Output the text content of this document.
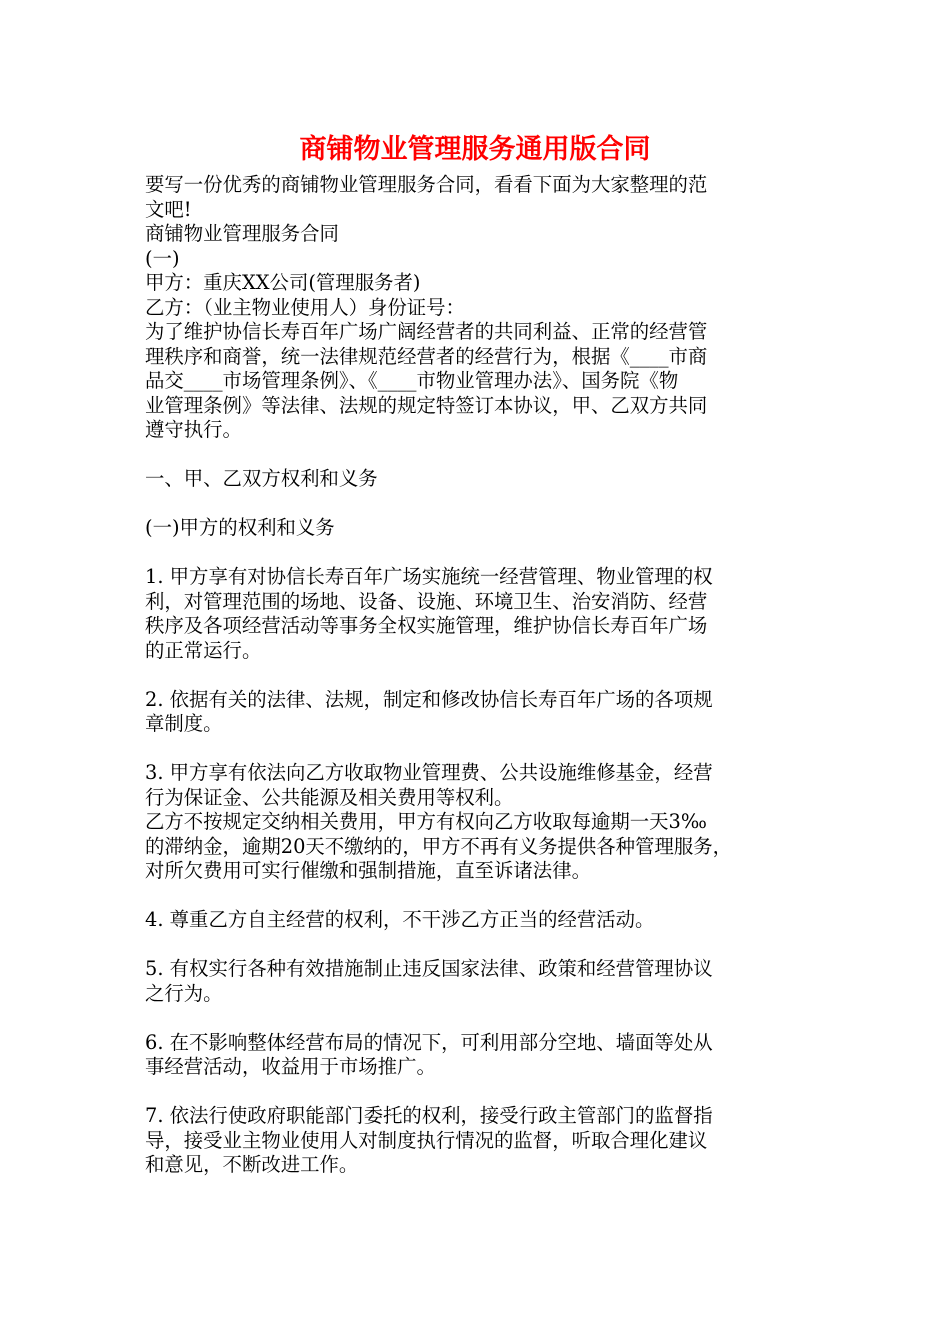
商铺物业管理服务通用版合同
要写一份优秀的商铺物业管理服务合同，看看下面为大家整理的范
文吧!
商铺物业管理服务合同
(一)
甲方：重庆XX公司(管理服务者)
乙方：（业主物业使用人）身份证号：
为了维护协信长寿百年广场广阔经营者的共同利益、正常的经营管
理秩序和商誉，统一法律规范经营者的经营行为，根据《____市商
品交____市场管理条例》、《____市物业管理办法》、国务院《物
业管理条例》等法律、法规的规定特签订本协议，甲、乙双方共同
遵守执行。
一、甲、乙双方权利和义务
(一)甲方的权利和义务
1. 甲方享有对协信长寿百年广场实施统一经营管理、物业管理的权
利，对管理范围的场地、设备、设施、环境卫生、治安消防、经营
秩序及各项经营活动等事务全权实施管理，维护协信长寿百年广场
的正常运行。
2. 依据有关的法律、法规，制定和修改协信长寿百年广场的各项规
章制度。
3. 甲方享有依法向乙方收取物业管理费、公共设施维修基金，经营
行为保证金、公共能源及相关费用等权利。
乙方不按规定交纳相关费用，甲方有权向乙方收取每逾期一天3‰
的滞纳金，逾期20天不缴纳的，甲方不再有义务提供各种管理服务，
对所欠费用可实行催缴和强制措施，直至诉诸法律。
4. 尊重乙方自主经营的权利，不干涉乙方正当的经营活动。
5. 有权实行各种有效措施制止违反国家法律、政策和经营管理协议
之行为。
6. 在不影响整体经营布局的情况下，可利用部分空地、墙面等处从
事经营活动，收益用于市场推广。
7. 依法行使政府职能部门委托的权利，接受行政主管部门的监督指
导，接受业主物业使用人对制度执行情况的监督，听取合理化建议
和意见，不断改进工作。
